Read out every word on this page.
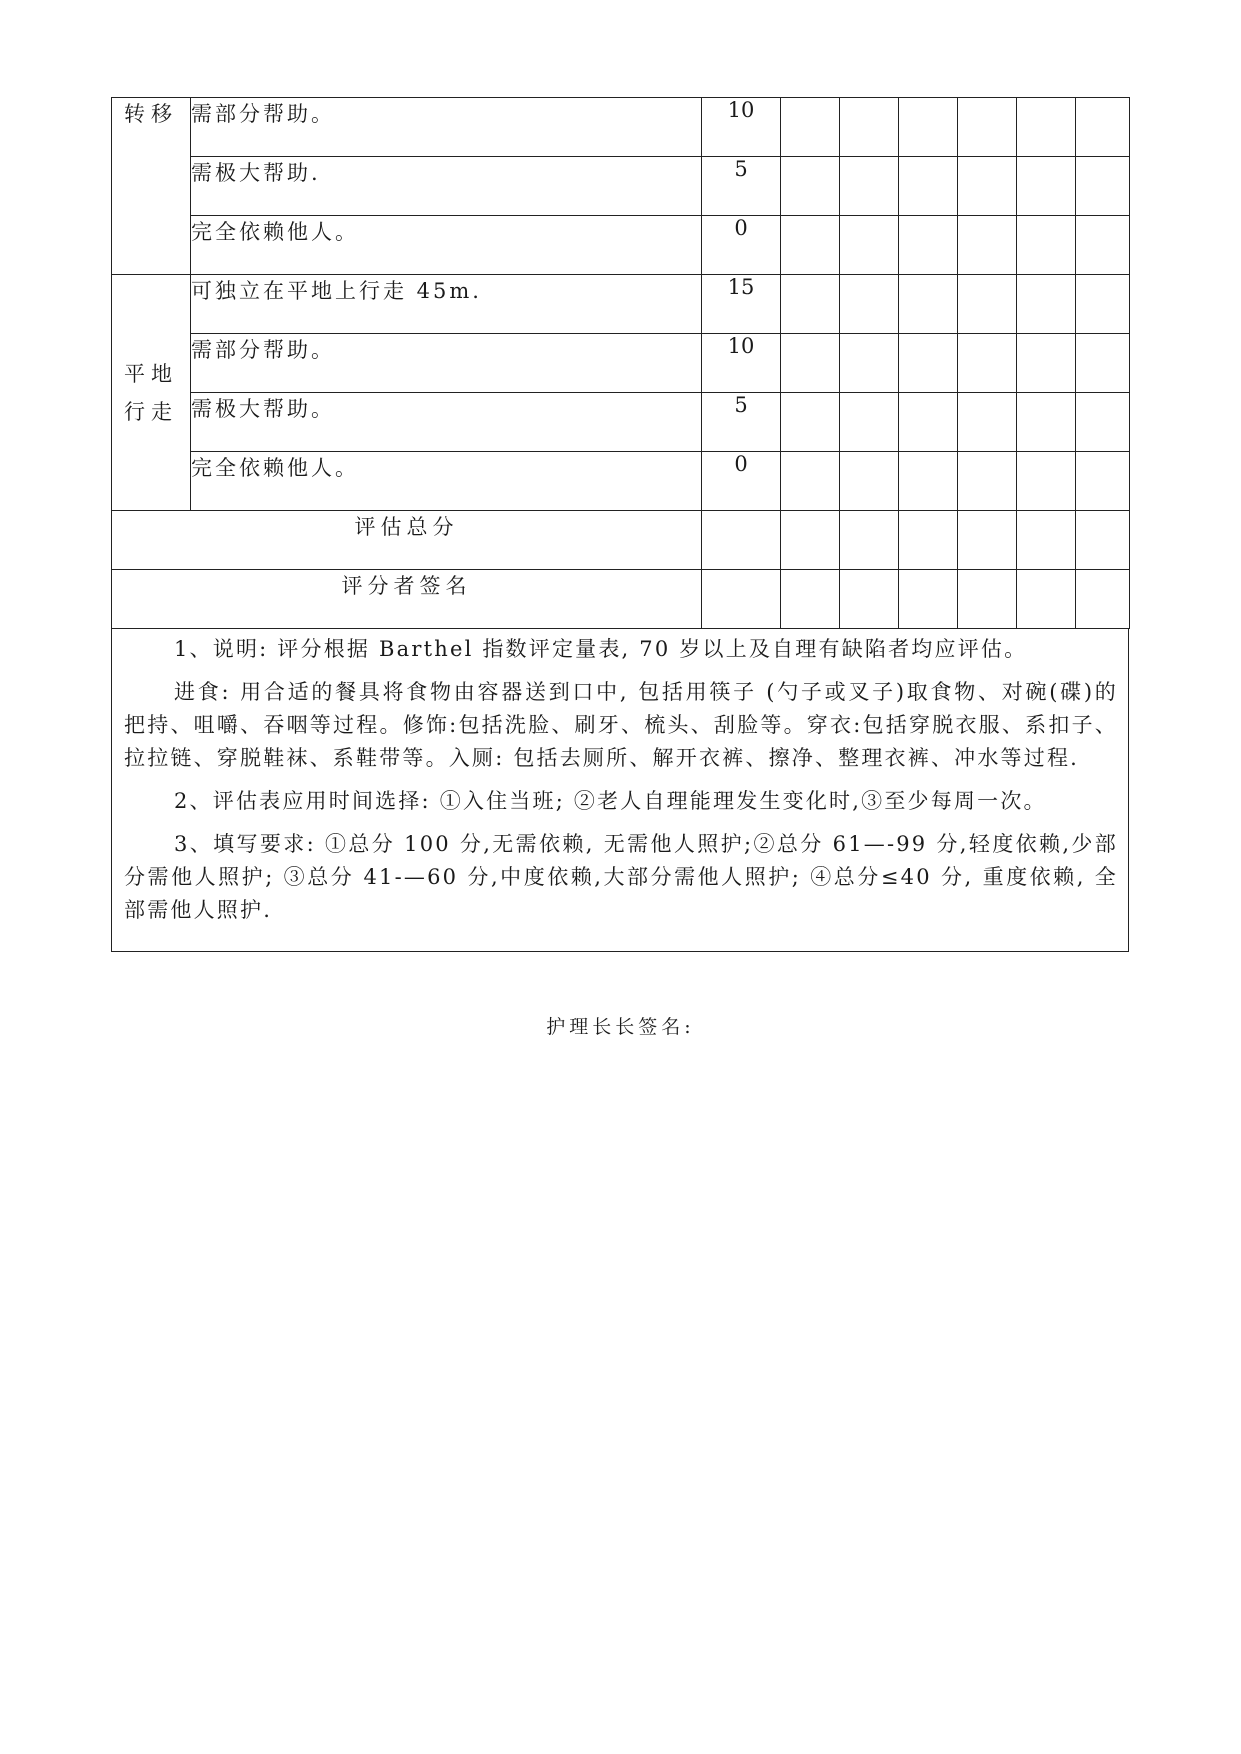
转移	需部分帮助。	10						
	需极大帮助.	5						
	完全依赖他人。	0						

平地
行走	可独立在平地上行走 45m.	15						
	需部分帮助。	10						
	需极大帮助。	5						
	完全依赖他人。	0						
评估总分								
评分者签名								

1、说明: 评分根据 Barthel 指数评定量表, 70 岁以上及自理有缺陷者均应评估。

进食: 用合适的餐具将食物由容器送到口中, 包括用筷子 (勺子或叉子)取食物、对碗(碟)的把持、咀嚼、吞咽等过程。修饰:包括洗脸、刷牙、梳头、刮脸等。穿衣:包括穿脱衣服、系扣子、拉拉链、穿脱鞋袜、系鞋带等。入厕: 包括去厕所、解开衣裤、擦净、整理衣裤、冲水等过程.

2、评估表应用时间选择: ①入住当班; ②老人自理能理发生变化时,③至少每周一次。

3、填写要求: ①总分 100 分,无需依赖, 无需他人照护;②总分 61—-99 分,轻度依赖,少部分需他人照护; ③总分 41-—60 分,中度依赖,大部分需他人照护; ④总分≤40 分, 重度依赖, 全部需他人照护.

护理长长签名:
